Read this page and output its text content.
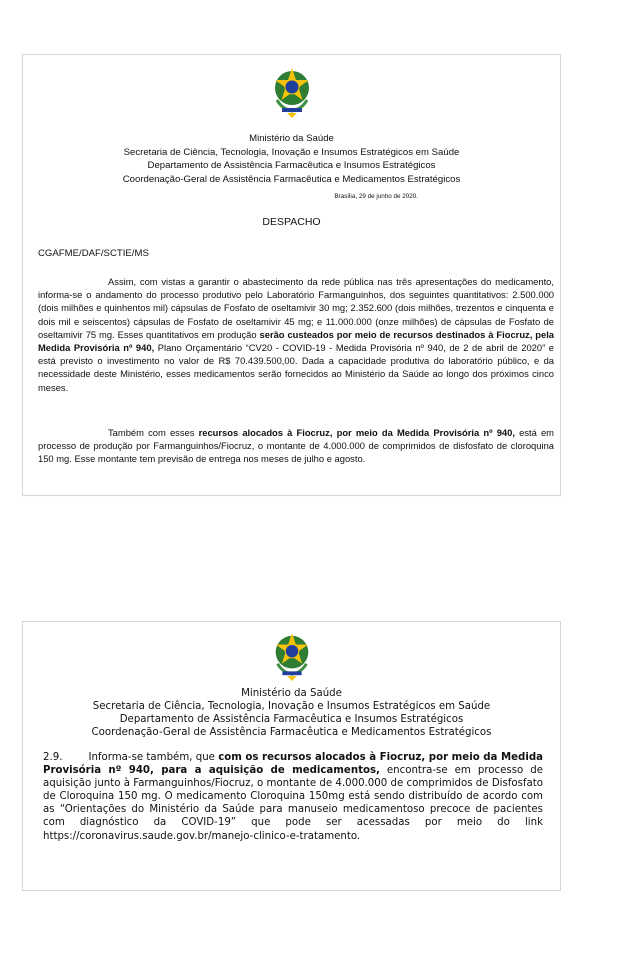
Ministério da Saúde
Secretaria de Ciência, Tecnologia, Inovação e Insumos Estratégicos em Saúde
Departamento de Assistência Farmacêutica e Insumos Estratégicos
Coordenação-Geral de Assistência Farmacêutica e Medicamentos Estratégicos
Brasília, 29 de junho de 2020.
DESPACHO
CGAFME/DAF/SCTIE/MS

Assim, com vistas a garantir o abastecimento da rede pública nas três apresentações do medicamento, informa-se o andamento do processo produtivo pelo Laboratório Farmanguinhos, dos seguintes quantitativos: 2.500.000 (dois milhões e quinhentos mil) cápsulas de Fosfato de oseltamivir 30 mg; 2.352.600 (dois milhões, trezentos e cinquenta e dois mil e seiscentos) cápsulas de Fosfato de oseltamivir 45 mg; e 11.000.000 (onze milhões) de cápsulas de Fosfato de oseltamivir 75 mg. Esses quantitativos em produção serão custeados por meio de recursos destinados à Fiocruz, pela Medida Provisória nº 940, Plano Orçamentário “CV20 - COVID-19 - Medida Provisória nº 940, de 2 de abril de 2020” e está previsto o investimento no valor de R$ 70.439.500,00. Dada a capacidade produtiva do laboratório público, e da necessidade deste Ministério, esses medicamentos serão fornecidos ao Ministério da Saúde ao longo dos próximos cinco meses.

Também com esses recursos alocados à Fiocruz, por meio da Medida Provisória nº 940, está em processo de produção por Farmanguinhos/Fiocruz, o montante de 4.000.000 de comprimidos de disfosfato de cloroquina 150 mg. Esse montante tem previsão de entrega nos meses de julho e agosto.

Ministério da Saúde
Secretaria de Ciência, Tecnologia, Inovação e Insumos Estratégicos em Saúde
Departamento de Assistência Farmacêutica e Insumos Estratégicos
Coordenação-Geral de Assistência Farmacêutica e Medicamentos Estratégicos

2.9.	Informa-se também, que com os recursos alocados à Fiocruz, por meio da Medida Provisória nº 940, para a aquisição de medicamentos, encontra-se em processo de aquisição junto à Farmanguinhos/Fiocruz, o montante de 4.000.000 de comprimidos de Disfosfato de Cloroquina 150 mg. O medicamento Cloroquina 150mg está sendo distribuído de acordo com as “Orientações do Ministério da Saúde para manuseio medicamentoso precoce de pacientes com diagnóstico da COVID-19” que pode ser acessadas por meio do link https://coronavirus.saude.gov.br/manejo-clinico-e-tratamento.
